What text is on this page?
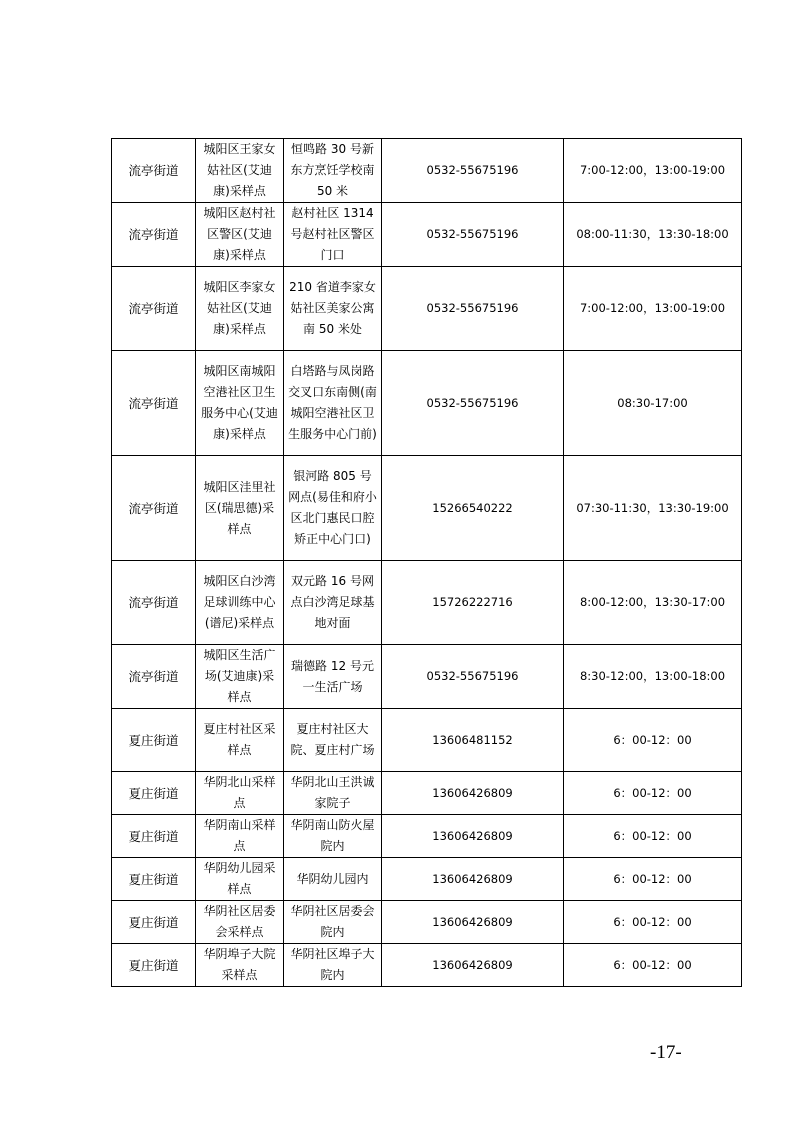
流亭街道	城阳区王家女姑社区(艾迪康)采样点	恒鸣路 30 号新东方烹饪学校南 50 米	0532-55675196	7:00-12:00，13:00-19:00
流亭街道	城阳区赵村社区警区(艾迪康)采样点	赵村社区 1314 号赵村社区警区门口	0532-55675196	08:00-11:30，13:30-18:00
流亭街道	城阳区李家女姑社区(艾迪康)采样点	210 省道李家女姑社区美家公寓南 50 米处	0532-55675196	7:00-12:00，13:00-19:00
流亭街道	城阳区南城阳空港社区卫生服务中心(艾迪康)采样点	白塔路与凤岗路交叉口东南侧(南城阳空港社区卫生服务中心门前)	0532-55675196	08:30-17:00
流亭街道	城阳区洼里社区(瑞思德)采样点	银河路 805 号网点(易佳和府小区北门惠民口腔矫正中心门口)	15266540222	07:30-11:30，13:30-19:00
流亭街道	城阳区白沙湾足球训练中心(谱尼)采样点	双元路 16 号网点白沙湾足球基地对面	15726222716	8:00-12:00，13:30-17:00
流亭街道	城阳区生活广场(艾迪康)采样点	瑞德路 12 号元一生活广场	0532-55675196	8:30-12:00，13:00-18:00
夏庄街道	夏庄村社区采样点	夏庄村社区大院、夏庄村广场	13606481152	6：00-12：00
夏庄街道	华阴北山采样点	华阴北山王洪诚家院子	13606426809	6：00-12：00
夏庄街道	华阴南山采样点	华阴南山防火屋院内	13606426809	6：00-12：00
夏庄街道	华阴幼儿园采样点	华阴幼儿园内	13606426809	6：00-12：00
夏庄街道	华阴社区居委会采样点	华阴社区居委会院内	13606426809	6：00-12：00
夏庄街道	华阴埠子大院采样点	华阴社区埠子大院内	13606426809	6：00-12：00
-17-
